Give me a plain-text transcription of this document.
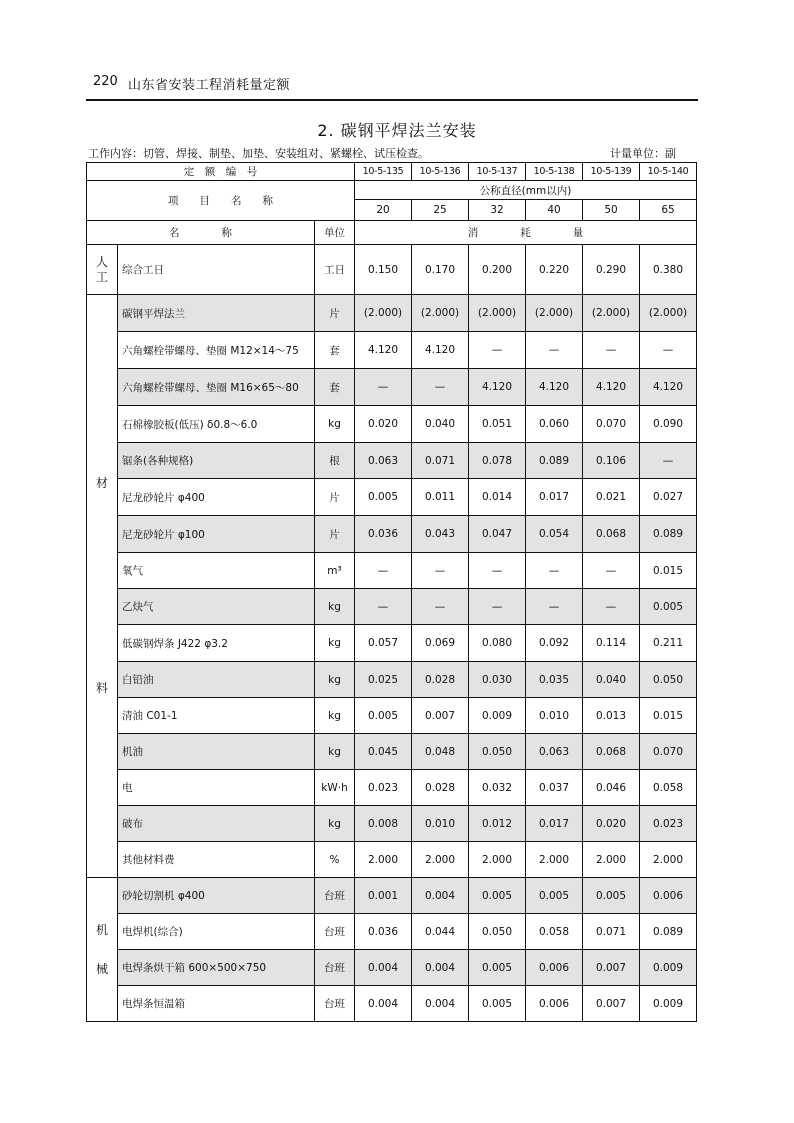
220 山东省安装工程消耗量定额
2. 碳钢平焊法兰安装
工作内容：切管、焊接、制垫、加垫、安装组对、紧螺栓、试压检查。	计量单位：副
定　额　编　号			10-5-135	10-5-136	10-5-137	10-5-138	10-5-139	10-5-140
项　　目　　名　　称			公称直径(mm以内)					
			20	25	32	40	50	65
名　　　　称		单位	消　　　　耗　　　　量					
人工	综合工日	工日	0.150	0.170	0.200	0.220	0.290	0.380

材
料	碳钢平焊法兰	片	(2.000)	(2.000)	(2.000)	(2.000)	(2.000)	(2.000)
	六角螺栓带螺母、垫圈 M12×14～75	套	4.120	4.120	—	—	—	—
	六角螺栓带螺母、垫圈 M16×65～80	套	—	—	4.120	4.120	4.120	4.120
	石棉橡胶板(低压) δ0.8～6.0	kg	0.020	0.040	0.051	0.060	0.070	0.090
	锯条(各种规格)	根	0.063	0.071	0.078	0.089	0.106	—
	尼龙砂轮片 φ400	片	0.005	0.011	0.014	0.017	0.021	0.027
	尼龙砂轮片 φ100	片	0.036	0.043	0.047	0.054	0.068	0.089
	氧气	m³	—	—	—	—	—	0.015
	乙炔气	kg	—	—	—	—	—	0.005
	低碳钢焊条 J422 φ3.2	kg	0.057	0.069	0.080	0.092	0.114	0.211
	白铅油	kg	0.025	0.028	0.030	0.035	0.040	0.050
	清油 C01-1	kg	0.005	0.007	0.009	0.010	0.013	0.015
	机油	kg	0.045	0.048	0.050	0.063	0.068	0.070
	电	kW·h	0.023	0.028	0.032	0.037	0.046	0.058
	破布	kg	0.008	0.010	0.012	0.017	0.020	0.023
	其他材料费	%	2.000	2.000	2.000	2.000	2.000	2.000

机
械	砂轮切割机 φ400	台班	0.001	0.004	0.005	0.005	0.005	0.006
	电焊机(综合)	台班	0.036	0.044	0.050	0.058	0.071	0.089
	电焊条烘干箱 600×500×750	台班	0.004	0.004	0.005	0.006	0.007	0.009
	电焊条恒温箱	台班	0.004	0.004	0.005	0.006	0.007	0.009
